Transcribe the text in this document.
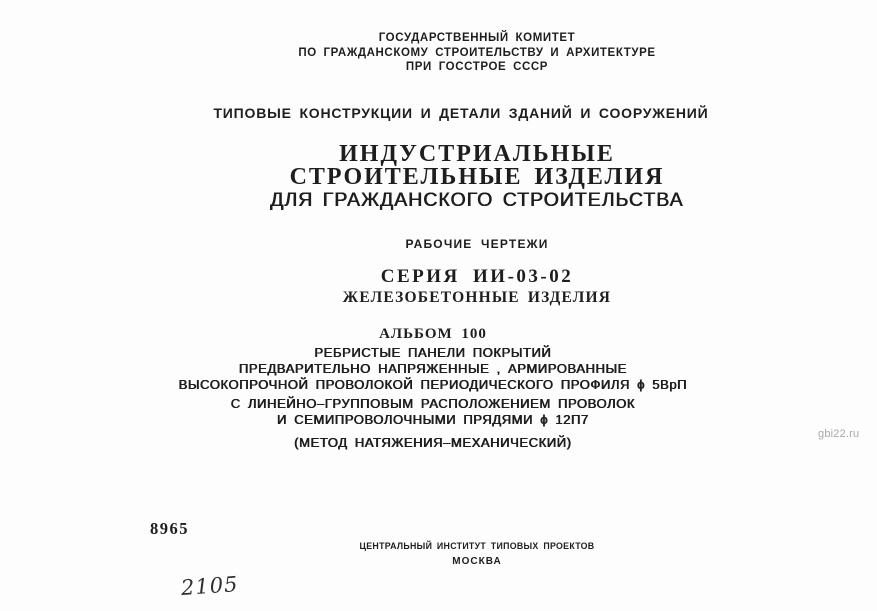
ГОСУДАРСТВЕННЫЙ КОМИТЕТ
ПО ГРАЖДАНСКОМУ СТРОИТЕЛЬСТВУ И АРХИТЕКТУРЕ
ПРИ ГОССТРОЕ СССР
ТИПОВЫЕ КОНСТРУКЦИИ И ДЕТАЛИ ЗДАНИЙ И СООРУЖЕНИЙ
ИНДУСТРИАЛЬНЫЕ
СТРОИТЕЛЬНЫЕ ИЗДЕЛИЯ
ДЛЯ ГРАЖДАНСКОГО СТРОИТЕЛЬСТВА
РАБОЧИЕ ЧЕРТЕЖИ
СЕРИЯ ИИ-03-02
ЖЕЛЕЗОБЕТОННЫЕ ИЗДЕЛИЯ
АЛЬБОМ 100
РЕБРИСТЫЕ ПАНЕЛИ ПОКРЫТИЙ
ПРЕДВАРИТЕЛЬНО НАПРЯЖЕННЫЕ , АРМИРОВАННЫЕ
ВЫСОКОПРОЧНОЙ ПРОВОЛОКОЙ ПЕРИОДИЧЕСКОГО ПРОФИЛЯ ϕ 5ВрП
С ЛИНЕЙНО–ГРУППОВЫМ РАСПОЛОЖЕНИЕМ ПРОВОЛОК
И СЕМИПРОВОЛОЧНЫМИ ПРЯДЯМИ ϕ 12П7
(МЕТОД НАТЯЖЕНИЯ–МЕХАНИЧЕСКИЙ)
8965
ЦЕНТРАЛЬНЫЙ ИНСТИТУТ ТИПОВЫХ ПРОЕКТОВ
МОСКВА
2105
gbi22.ru
